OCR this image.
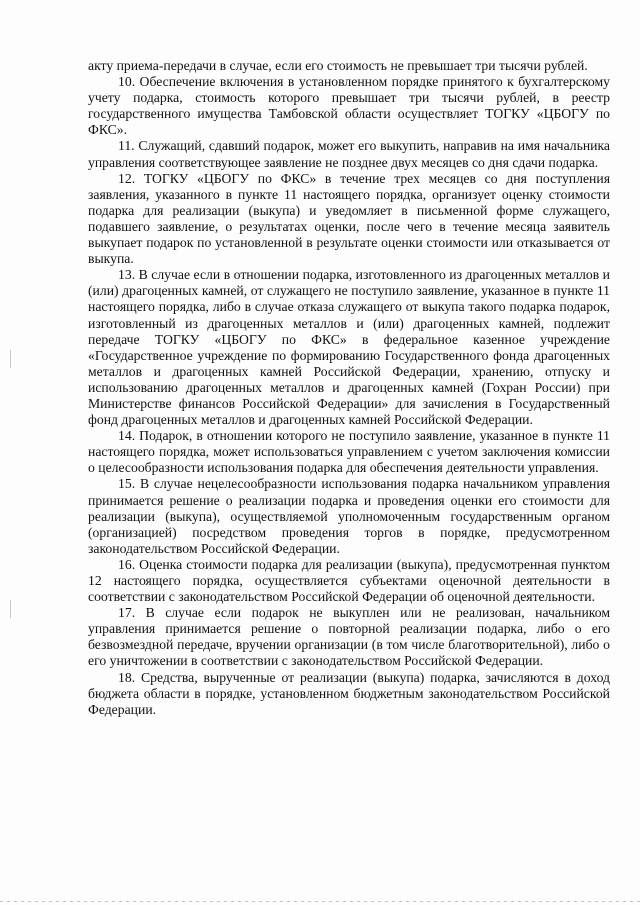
акту приема-передачи в случае, если его стоимость не превышает три тысячи рублей.

10. Обеспечение включения в установленном порядке принятого к бухгалтерскому учету подарка, стоимость которого превышает три тысячи рублей, в реестр государственного имущества Тамбовской области осуществляет ТОГКУ «ЦБОГУ по ФКС».

11. Служащий, сдавший подарок, может его выкупить, направив на имя начальника управления соответствующее заявление не позднее двух месяцев со дня сдачи подарка.

12. ТОГКУ «ЦБОГУ по ФКС» в течение трех месяцев со дня поступления заявления, указанного в пункте 11 настоящего порядка, организует оценку стоимости подарка для реализации (выкупа) и уведомляет в письменной форме служащего, подавшего заявление, о результатах оценки, после чего в течение месяца заявитель выкупает подарок по установленной в результате оценки стоимости или отказывается от выкупа.

13. В случае если в отношении подарка, изготовленного из драгоценных металлов и (или) драгоценных камней, от служащего не поступило заявление, указанное в пункте 11 настоящего порядка, либо в случае отказа служащего от выкупа такого подарка подарок, изготовленный из драгоценных металлов и (или) драгоценных камней, подлежит передаче ТОГКУ «ЦБОГУ по ФКС» в федеральное казенное учреждение «Государственное учреждение по формированию Государственного фонда драгоценных металлов и драгоценных камней Российской Федерации, хранению, отпуску и использованию драгоценных металлов и драгоценных камней (Гохран России) при Министерстве финансов Российской Федерации» для зачисления в Государственный фонд драгоценных металлов и драгоценных камней Российской Федерации.

14. Подарок, в отношении которого не поступило заявление, указанное в пункте 11 настоящего порядка, может использоваться управлением с учетом заключения комиссии о целесообразности использования подарка для обеспечения деятельности управления.

15. В случае нецелесообразности использования подарка начальником управления принимается решение о реализации подарка и проведения оценки его стоимости для реализации (выкупа), осуществляемой уполномоченным государственным органом (организацией) посредством проведения торгов в порядке, предусмотренном законодательством Российской Федерации.

16. Оценка стоимости подарка для реализации (выкупа), предусмотренная пунктом 12 настоящего порядка, осуществляется субъектами оценочной деятельности в соответствии с законодательством Российской Федерации об оценочной деятельности.

17. В случае если подарок не выкуплен или не реализован, начальником управления принимается решение о повторной реализации подарка, либо о его безвозмездной передаче, вручении организации (в том числе благотворительной), либо о его уничтожении в соответствии с законодательством Российской Федерации.

18. Средства, вырученные от реализации (выкупа) подарка, зачисляются в доход бюджета области в порядке, установленном бюджетным законодательством Российской Федерации.
